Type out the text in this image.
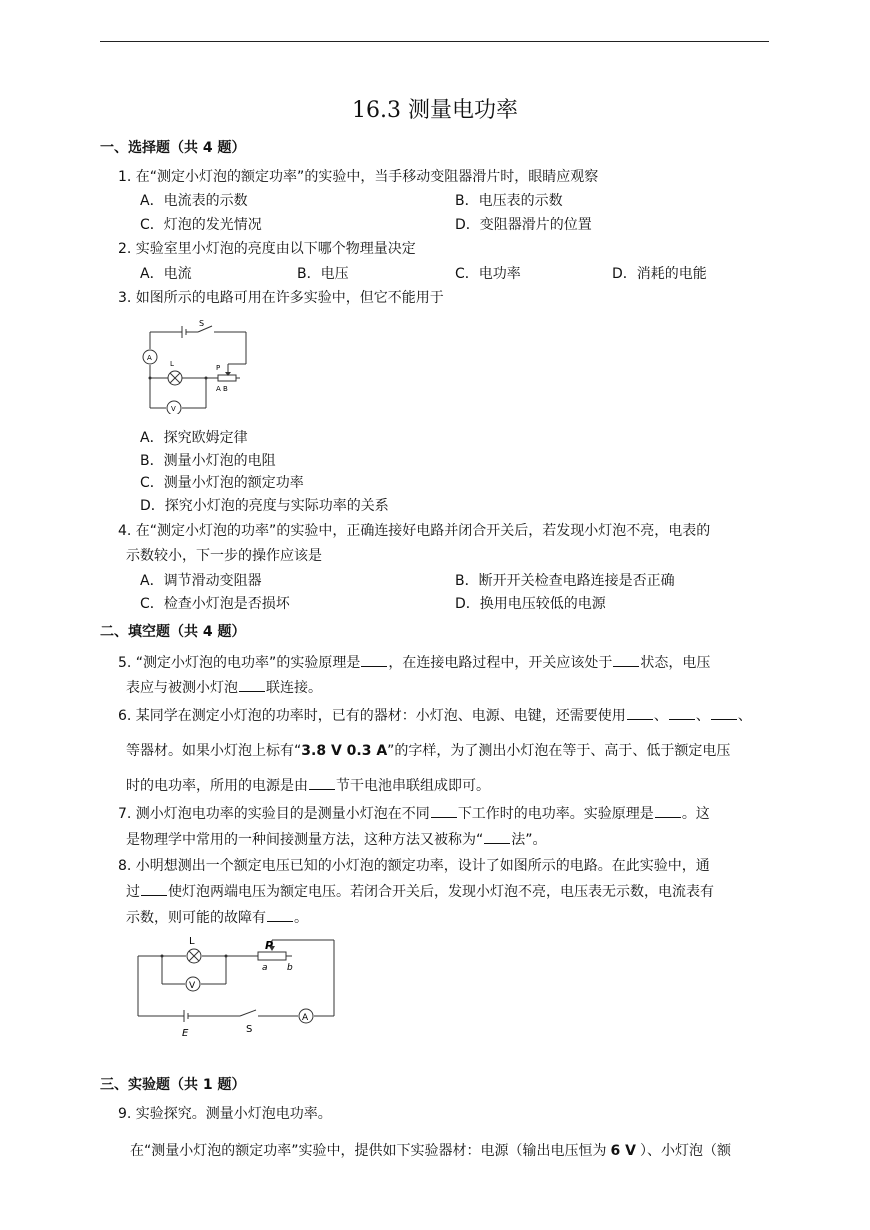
16.3 测量电功率
一、选择题（共 4 题）
1. 在“测定小灯泡的额定功率”的实验中，当手移动变阻器滑片时，眼睛应观察
A．电流表的示数	B．电压表的示数
C．灯泡的发光情况	D．变阻器滑片的位置
2. 实验室里小灯泡的亮度由以下哪个物理量决定
A．电流	B．电压	C．电功率	D．消耗的电能
3. 如图所示的电路可用在许多实验中，但它不能用于
S
A
L	P
A B
V
A．探究欧姆定律
B．测量小灯泡的电阻
C．测量小灯泡的额定功率
D．探究小灯泡的亮度与实际功率的关系
4. 在“测定小灯泡的功率”的实验中，正确连接好电路并闭合开关后，若发现小灯泡不亮，电表的
示数较小，下一步的操作应该是
A．调节滑动变阻器	B．断开开关检查电路连接是否正确
C．检查小灯泡是否损坏	D．换用电压较低的电源
二、填空题（共 4 题）
5. “测定小灯泡的电功率”的实验原理是 ，在连接电路过程中，开关应该处于 状态，电压
表应与被测小灯泡 联连接。
6. 某同学在测定小灯泡的功率时，已有的器材：小灯泡、电源、电键，还需要使用 、 、 、
等器材。如果小灯泡上标有“3.8 V 0.3 A”的字样，为了测出小灯泡在等于、高于、低于额定电压
时的电功率，所用的电源是由 节干电池串联组成即可。
7. 测小灯泡电功率的实验目的是测量小灯泡在不同 下工作时的电功率。实验原理是 。这
是物理学中常用的一种间接测量方法，这种方法又被称为“ 法”。
8. 小明想测出一个额定电压已知的小灯泡的额定功率，设计了如图所示的电路。在此实验中，通
过 使灯泡两端电压为额定电压。若闭合开关后，发现小灯泡不亮，电压表无示数，电流表有
示数，则可能的故障有 。
L	P
a b
V
E	S
A
三、实验题（共 1 题）
9. 实验探究。测量小灯泡电功率。
在“测量小灯泡的额定功率”实验中，提供如下实验器材：电源（输出电压恒为 6 V ）、小灯泡（额
